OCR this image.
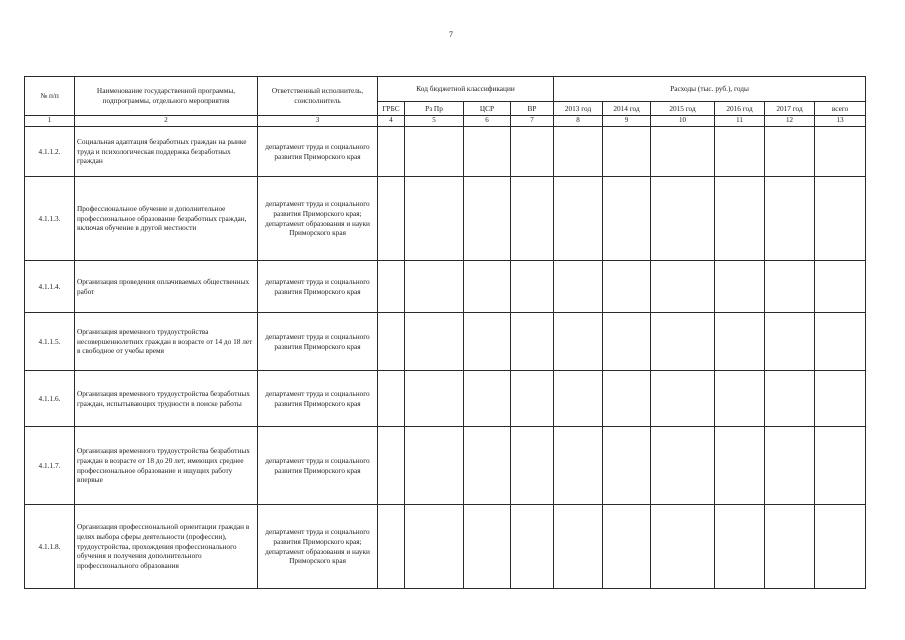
7
№ п/п	Наименование государственной программы, подпрограммы, отдельного мероприятия	Ответственный исполнитель, соисполнитель	Код бюджетной классификации				Расходы (тыс. руб.), годы					
			ГРБС	Рз Пр	ЦСР	ВР	2013 год	2014 год	2015 год	2016 год	2017 год	всего
1	2	3	4	5	6	7	8	9	10	11	12	13
4.1.1.2.	Социальная адаптация безработных граждан на рынке труда и психологическая поддержка безработных граждан	департамент труда и социального развития Приморского края										
4.1.1.3.	Профессиональное обучение и дополнительное профессиональное образование безработных граждан, включая обучение в другой местности	департамент труда и социального развития Приморского края; департамент образования и науки Приморского края										
4.1.1.4.	Организация проведения оплачиваемых общественных работ	департамент труда и социального развития Приморского края										
4.1.1.5.	Организация временного трудоустройства несовершеннолетних граждан в возрасте от 14 до 18 лет в свободное от учебы время	департамент труда и социального развития Приморского края										
4.1.1.6.	Организация временного трудоустройства безработных граждан, испытывающих трудности в поиске работы	департамент труда и социального развития Приморского края										
4.1.1.7.	Организация временного трудоустройства безработных граждан в возрасте от 18 до 20 лет, имеющих среднее профессиональное образование и ищущих работу впервые	департамент труда и социального развития Приморского края										
4.1.1.8.	Организация профессиональной ориентации граждан в целях выбора сферы деятельности (профессии), трудоустройства, прохождения профессионального обучения и получения дополнительного профессионального образования	департамент труда и социального развития Приморского края; департамент образования и науки Приморского края										
